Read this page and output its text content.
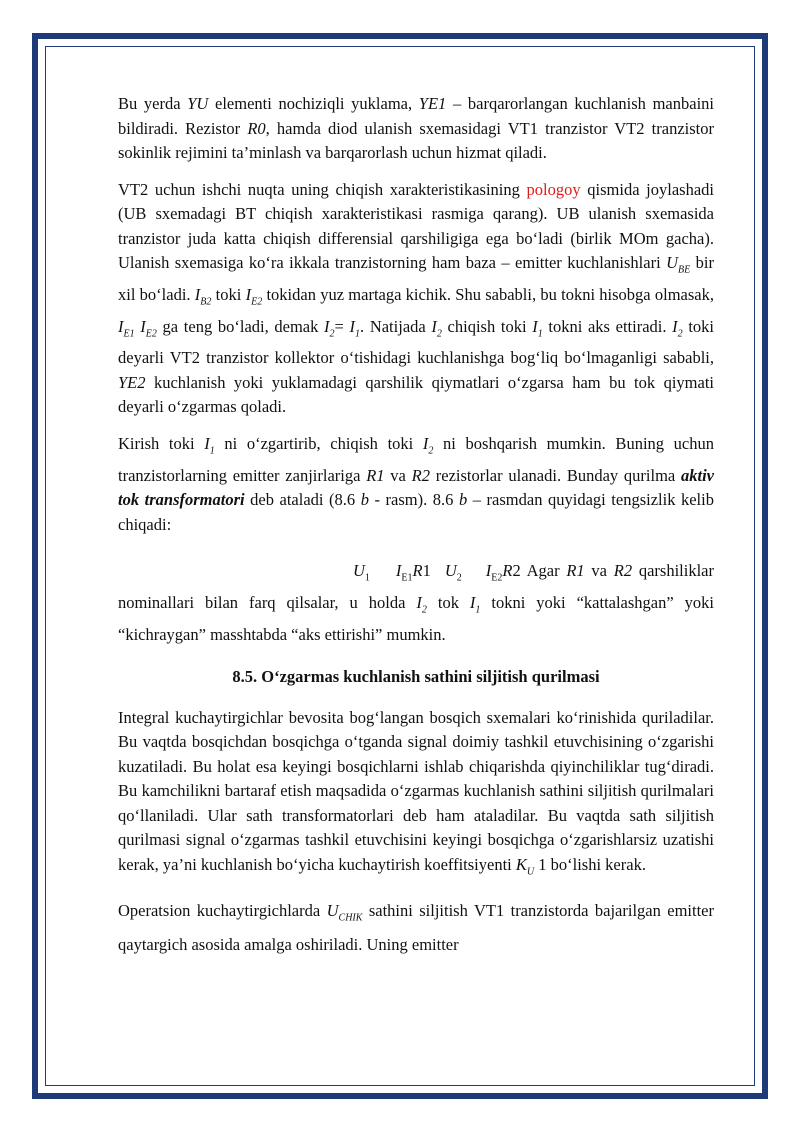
Bu yerda YU elementi nochiziqli yuklama, YE1 – barqarorlangan kuchlanish manbaini bildiradi. Rezistor R0, hamda diod ulanish sxemasidagi VT1 tranzistor VT2 tranzistor sokinlik rejimini ta’minlash va barqarorlash uchun hizmat qiladi.

VT2 uchun ishchi nuqta uning chiqish xarakteristikasining pologoy qismida joylashadi (UB sxemadagi BT chiqish xarakteristikasi rasmiga qarang). UB ulanish sxemasida tranzistor juda katta chiqish differensial qarshiligiga ega bo‘ladi (birlik MOm gacha). Ulanish sxemasiga ko‘ra ikkala tranzistorning ham baza – emitter kuchlanishlari $U_{BE}$ bir xil bo‘ladi. $I_{B2}$ toki $I_{E2}$ tokidan yuz martaga kichik. Shu sababli, bu tokni hisobga olmasak, $I_{E1}$ $I_{E2}$ ga teng bo‘ladi, demak $I_2= I_1$. Natijada $I_2$ chiqish toki $I_1$ tokni aks ettiradi. $I_2$ toki deyarli VT2 tranzistor kollektor o‘tishidagi kuchlanishga bog‘liq bo‘lmaganligi sababli, YE2 kuchlanish yoki yuklamadagi qarshilik qiymatlari o‘zgarsa ham bu tok qiymati deyarli o‘zgarmas qoladi.

Kirish toki $I_1$ ni o‘zgartirib, chiqish toki $I_2$ ni boshqarish mumkin. Buning uchun tranzistorlarning emitter zanjirlariga R1 va R2 rezistorlar ulanadi. Bunday qurilma aktiv tok transformatori deb ataladi (8.6 b - rasm). 8.6 b – rasmdan quyidagi tengsizlik kelib chiqadi:

$U_1$ $I_{E1}R1$ $U_2$ $I_{E2}R2$ Agar R1 va R2 qarshiliklar nominallari bilan farq qilsalar, u holda $I_2$ tok $I_1$ tokni yoki “kattalashgan” yoki “kichraygan” masshtabda “aks ettirishi” mumkin.

8.5. O‘zgarmas kuchlanish sathini siljitish qurilmasi

Integral kuchaytirgichlar bevosita bog‘langan bosqich sxemalari ko‘rinishida quriladilar. Bu vaqtda bosqichdan bosqichga o‘tganda signal doimiy tashkil etuvchisining o‘zgarishi kuzatiladi. Bu holat esa keyingi bosqichlarni ishlab chiqarishda qiyinchiliklar tug‘diradi. Bu kamchilikni bartaraf etish maqsadida o‘zgarmas kuchlanish sathini siljitish qurilmalari qo‘llaniladi. Ular sath transformatorlari deb ham ataladilar. Bu vaqtda sath siljitish qurilmasi signal o‘zgarmas tashkil etuvchisini keyingi bosqichga o‘zgarishlarsiz uzatishi kerak, ya’ni kuchlanish bo‘yicha kuchaytirish koeffitsiyenti $K_U$ 1 bo‘lishi kerak.

Operatsion kuchaytirgichlarda $U_{CHIK}$ sathini siljitish VT1 tranzistorda bajarilgan emitter qaytargich asosida amalga oshiriladi. Uning emitter
